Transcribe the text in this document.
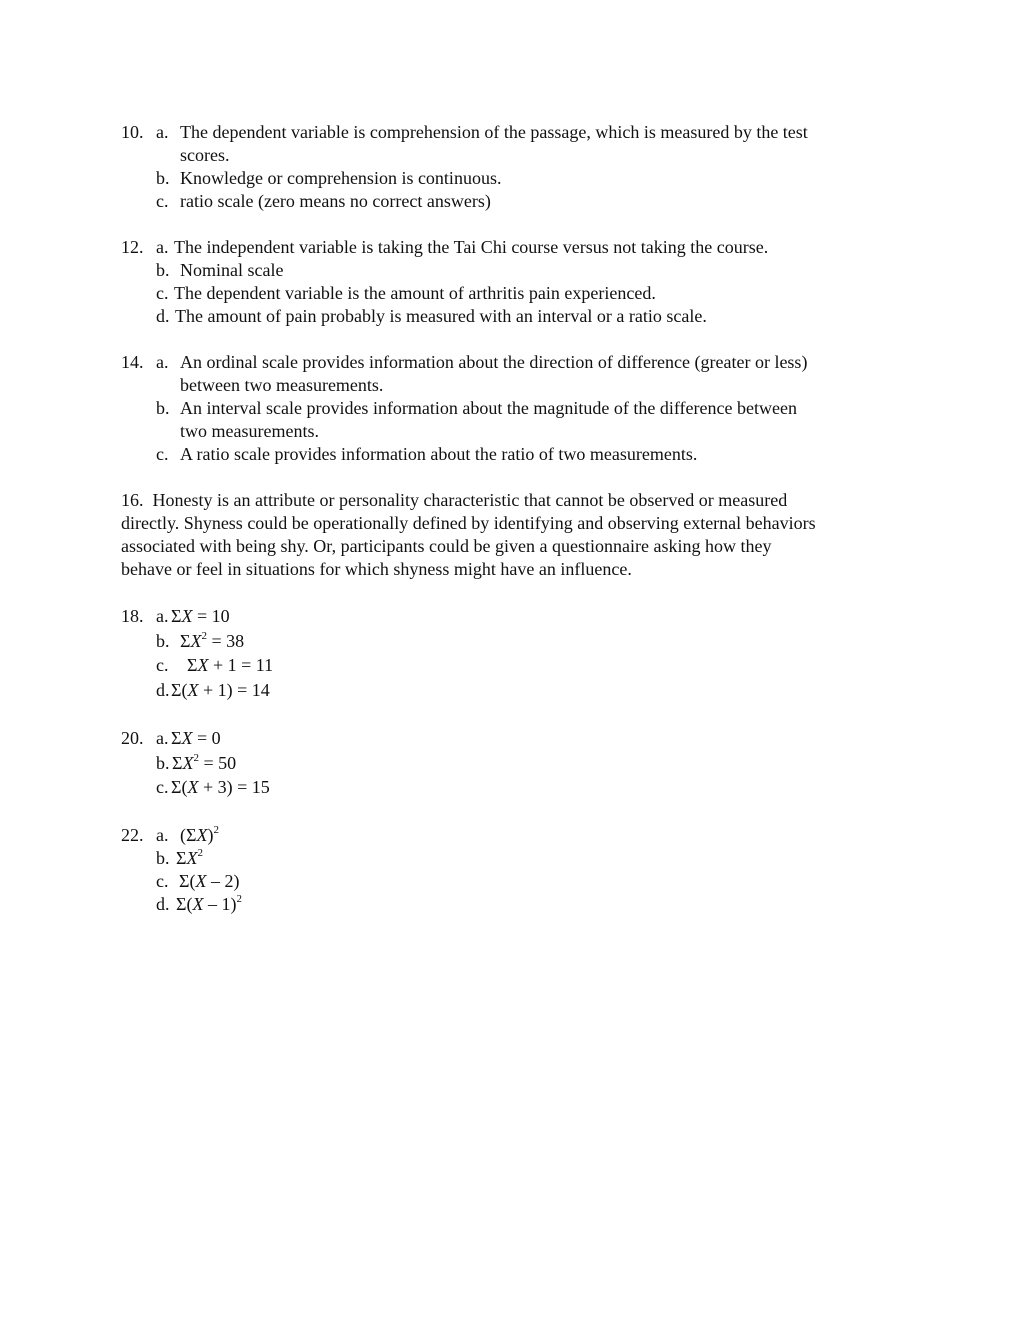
10. a. The dependent variable is comprehension of the passage, which is measured by the test
scores.
b. Knowledge or comprehension is continuous.
c. ratio scale (zero means no correct answers)
12. a. The independent variable is taking the Tai Chi course versus not taking the course.
b. Nominal scale
c. The dependent variable is the amount of arthritis pain experienced.
d. The amount of pain probably is measured with an interval or a ratio scale.
14. a. An ordinal scale provides information about the direction of difference (greater or less)
between two measurements.
b. An interval scale provides information about the magnitude of the difference between
two measurements.
c. A ratio scale provides information about the ratio of two measurements.
16. Honesty is an attribute or personality characteristic that cannot be observed or measured
directly. Shyness could be operationally defined by identifying and observing external behaviors
associated with being shy. Or, participants could be given a questionnaire asking how they
behave or feel in situations for which shyness might have an influence.
18. a. ΣX = 10
b. $\Sigma X^2 = 38$
c. ΣX + 1 = 11
d. Σ(X + 1) = 14
20. a. ΣX = 0
b. $\Sigma X^2 = 50$
c. Σ(X + 3) = 15
22. a. $(\Sigma X)^2$
b. $\Sigma X^2$
c. Σ(X – 2)
d. Σ(X – 1)$^2$
